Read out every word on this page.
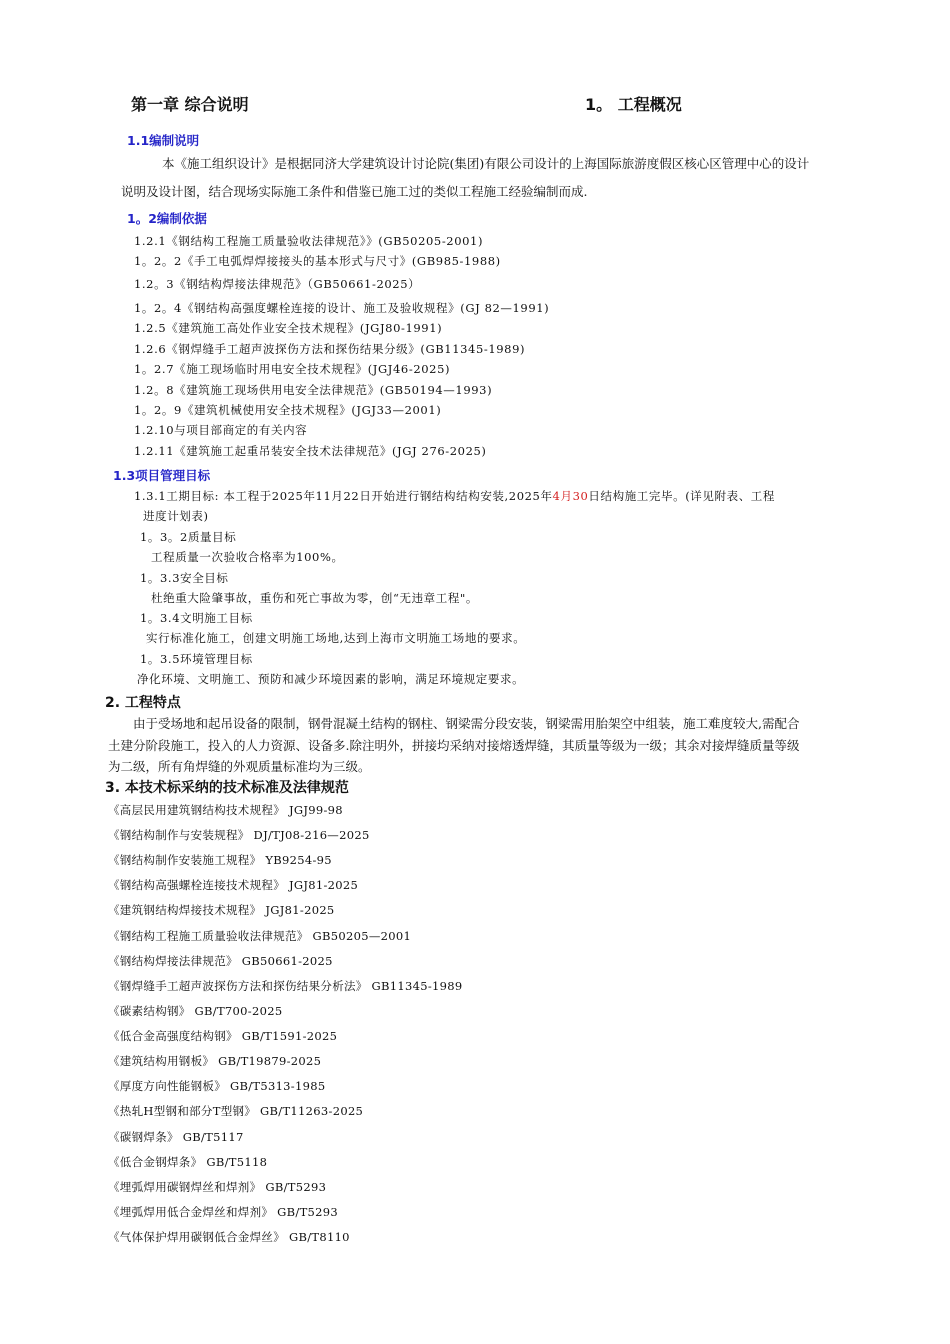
第一章 综合说明	1。 工程概况
1.1编制说明
本《施工组织设计》是根据同济大学建筑设计讨论院(集团)有限公司设计的上海国际旅游度假区核心区管理中心的设计
说明及设计图，结合现场实际施工条件和借鉴已施工过的类似工程施工经验编制而成.
1。2编制依据
1.2.1《钢结构工程施工质量验收法律规范》》(GB50205-2001)
1。2。2《手工电弧焊焊接接头的基本形式与尺寸》(GB985-1988)
1.2。3《钢结构焊接法律规范》（GB50661-2025）
1。2。4《钢结构高强度螺栓连接的设计、施工及验收规程》(GJ 82—1991)
1.2.5《建筑施工高处作业安全技术规程》(JGJ80-1991)
1.2.6《钢焊缝手工超声波探伤方法和探伤结果分级》(GB11345-1989)
1。2.7《施工现场临时用电安全技术规程》(JGJ46-2025)
1.2。8《建筑施工现场供用电安全法律规范》(GB50194—1993)
1。2。9《建筑机械使用安全技术规程》(JGJ33—2001)
1.2.10与项目部商定的有关内容
1.2.11《建筑施工起重吊装安全技术法律规范》(JGJ 276-2025)
1.3项目管理目标
1.3.1工期目标: 本工程于2025年11月22日开始进行钢结构结构安装,2025年4月30日结构施工完毕。(详见附表、工程
进度计划表)
1。3。2质量目标
工程质量一次验收合格率为100%。
1。3.3安全目标
杜绝重大险肇事故，重伤和死亡事故为零，创“无违章工程"。
1。3.4文明施工目标
实行标准化施工，创建文明施工场地,达到上海市文明施工场地的要求。
1。3.5环境管理目标
净化环境、文明施工、预防和减少环境因素的影响，满足环境规定要求。
2. 工程特点
由于受场地和起吊设备的限制，钢骨混凝土结构的钢柱、钢梁需分段安装，钢梁需用胎架空中组装，施工难度较大,需配合
土建分阶段施工，投入的人力资源、设备多.除注明外，拼接均采纳对接熔透焊缝，其质量等级为一级；其余对接焊缝质量等级
为二级，所有角焊缝的外观质量标准均为三级。
3. 本技术标采纳的技术标准及法律规范
《高层民用建筑钢结构技术规程》 JGJ99-98
《钢结构制作与安装规程》 DJ/TJ08-216—2025
《钢结构制作安装施工规程》 YB9254-95
《钢结构高强螺栓连接技术规程》 JGJ81-2025
《建筑钢结构焊接技术规程》 JGJ81-2025
《钢结构工程施工质量验收法律规范》 GB50205—2001
《钢结构焊接法律规范》 GB50661-2025
《钢焊缝手工超声波探伤方法和探伤结果分析法》 GB11345-1989
《碳素结构钢》 GB/T700-2025
《低合金高强度结构钢》 GB/T1591-2025
《建筑结构用钢板》 GB/T19879-2025
《厚度方向性能钢板》 GB/T5313-1985
《热轧H型钢和部分T型钢》 GB/T11263-2025
《碳钢焊条》 GB/T5117
《低合金钢焊条》 GB/T5118
《埋弧焊用碳钢焊丝和焊剂》 GB/T5293
《埋弧焊用低合金焊丝和焊剂》 GB/T5293
《气体保护焊用碳钢低合金焊丝》 GB/T8110
